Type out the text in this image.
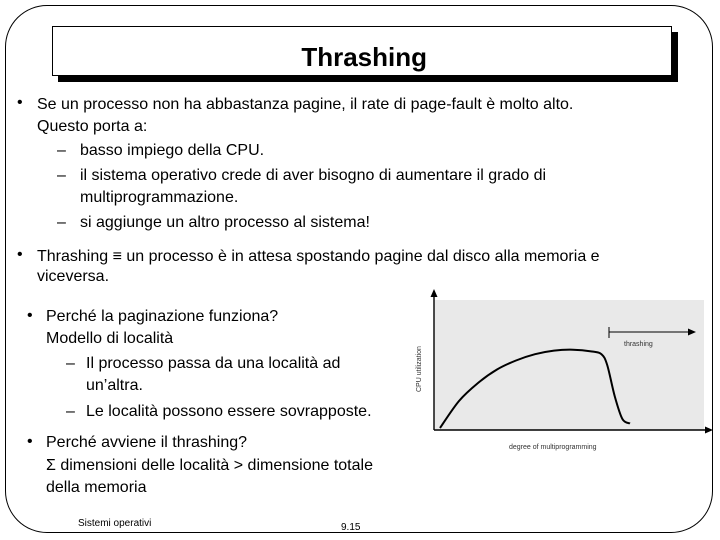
Thrashing
• Se un processo non ha abbastanza pagine, il rate di page-fault è molto alto.
Questo porta a:
– basso impiego della CPU.
– il sistema operativo crede di aver bisogno di aumentare il grado di
multiprogrammazione.
– si aggiunge un altro processo al sistema!
• Thrashing ≡ un processo è in attesa spostando pagine dal disco alla memoria e
viceversa.
• Perché la paginazione funziona?
Modello di località
– Il processo passa da una località ad
un’altra.
– Le località possono essere sovrapposte.
• Perché avviene il thrashing?
Σ dimensioni delle località > dimensione totale
della memoria
CPU utilization
degree of multiprogramming
thrashing
Sistemi operativi	9.15
